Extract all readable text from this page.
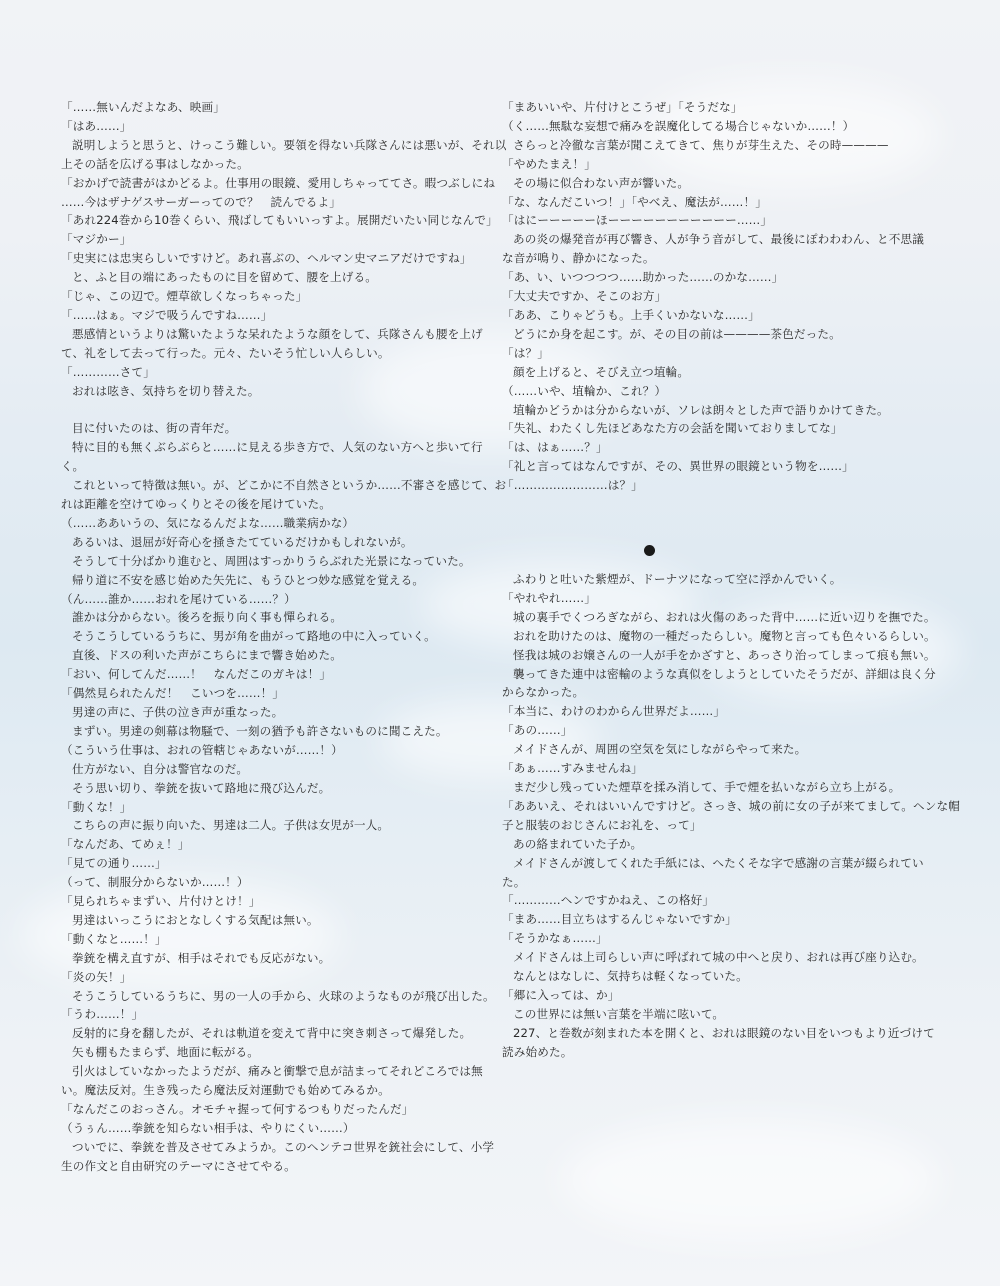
「……無いんだよなあ、映画」
「はあ……」
説明しようと思うと、けっこう難しい。要領を得ない兵隊さんには悪いが、それ以
上その話を広げる事はしなかった。
「おかげで読書がはかどるよ。仕事用の眼鏡、愛用しちゃっててさ。暇つぶしにね
……今はザナゲスサーガーってので？　読んでるよ」
「あれ224巻から10巻くらい、飛ばしてもいいっすよ。展開だいたい同じなんで」
「マジかー」
「史実には忠実らしいですけど。あれ喜ぶの、ヘルマン史マニアだけですね」
と、ふと目の端にあったものに目を留めて、腰を上げる。
「じゃ、この辺で。煙草欲しくなっちゃった」
「……はぁ。マジで吸うんですね……」
悪感情というよりは驚いたような呆れたような顔をして、兵隊さんも腰を上げ
て、礼をして去って行った。元々、たいそう忙しい人らしい。
「…………さて」
おれは呟き、気持ちを切り替えた。
目に付いたのは、街の青年だ。
特に目的も無くぶらぶらと……に見える歩き方で、人気のない方へと歩いて行
く。
これといって特徴は無い。が、どこかに不自然さというか……不審さを感じて、お
れは距離を空けてゆっくりとその後を尾けていた。
（……ああいうの、気になるんだよな……職業病かな）
あるいは、退屈が好奇心を掻きたてているだけかもしれないが。
そうして十分ばかり進むと、周囲はすっかりうらぶれた光景になっていた。
帰り道に不安を感じ始めた矢先に、もうひとつ妙な感覚を覚える。
（ん……誰か……おれを尾けている……？）
誰かは分からない。後ろを振り向く事も憚られる。
そうこうしているうちに、男が角を曲がって路地の中に入っていく。
直後、ドスの利いた声がこちらにまで響き始めた。
「おい、何してんだ……！　なんだこのガキは！」
「偶然見られたんだ！　こいつを……！」
男達の声に、子供の泣き声が重なった。
まずい。男達の剣幕は物騒で、一刻の猶予も許さないものに聞こえた。
（こういう仕事は、おれの管轄じゃあないが……！）
仕方がない、自分は警官なのだ。
そう思い切り、拳銃を抜いて路地に飛び込んだ。
「動くな！」
こちらの声に振り向いた、男達は二人。子供は女児が一人。
「なんだあ、てめぇ！」
「見ての通り……」
（って、制服分からないか……！）
「見られちゃまずい、片付けとけ！」
男達はいっこうにおとなしくする気配は無い。
「動くなと……！」
拳銃を構え直すが、相手はそれでも反応がない。
「炎の矢！」
そうこうしているうちに、男の一人の手から、火球のようなものが飛び出した。
「うわ……！」
反射的に身を翻したが、それは軌道を変えて背中に突き刺さって爆発した。
矢も棚もたまらず、地面に転がる。
引火はしていなかったようだが、痛みと衝撃で息が詰まってそれどころでは無
い。魔法反対。生き残ったら魔法反対運動でも始めてみるか。
「なんだこのおっさん。オモチャ握って何するつもりだったんだ」
（うぅん……拳銃を知らない相手は、やりにくい……）
ついでに、拳銃を普及させてみようか。このヘンテコ世界を銃社会にして、小学
生の作文と自由研究のテーマにさせてやる。
「まあいいや、片付けとこうぜ」「そうだな」
（く……無駄な妄想で痛みを誤魔化してる場合じゃないか……！）
さらっと冷徹な言葉が聞こえてきて、焦りが芽生えた、その時————
「やめたまえ！」
その場に似合わない声が響いた。
「な、なんだこいつ！」「やべえ、魔法が……！」
「はにーーーーーほーーーーーーーーーーー……」
あの炎の爆発音が再び響き、人が争う音がして、最後にぽわわわん、と不思議
な音が鳴り、静かになった。
「あ、い、いつつつつ……助かった……のかな……」
「大丈夫ですか、そこのお方」
「ああ、こりゃどうも。上手くいかないな……」
どうにか身を起こす。が、その目の前は————茶色だった。
「は？」
顔を上げると、そびえ立つ埴輪。
（……いや、埴輪か、これ？）
埴輪かどうかは分からないが、ソレは朗々とした声で語りかけてきた。
「失礼、わたくし先ほどあなた方の会話を聞いておりましてな」
「は、はぁ……？」
「礼と言ってはなんですが、その、異世界の眼鏡という物を……」
「……………………は？」
ふわりと吐いた紫煙が、ドーナツになって空に浮かんでいく。
「やれやれ……」
城の裏手でくつろぎながら、おれは火傷のあった背中……に近い辺りを撫でた。
おれを助けたのは、魔物の一種だったらしい。魔物と言っても色々いるらしい。
怪我は城のお嬢さんの一人が手をかざすと、あっさり治ってしまって痕も無い。
襲ってきた連中は密輸のような真似をしようとしていたそうだが、詳細は良く分
からなかった。
「本当に、わけのわからん世界だよ……」
「あの……」
メイドさんが、周囲の空気を気にしながらやって来た。
「あぁ……すみませんね」
まだ少し残っていた煙草を揉み消して、手で煙を払いながら立ち上がる。
「ああいえ、それはいいんですけど。さっき、城の前に女の子が来てまして。ヘンな帽
子と服装のおじさんにお礼を、って」
あの絡まれていた子か。
メイドさんが渡してくれた手紙には、へたくそな字で感謝の言葉が綴られてい
た。
「…………ヘンですかねえ、この格好」
「まあ……目立ちはするんじゃないですか」
「そうかなぁ……」
メイドさんは上司らしい声に呼ばれて城の中へと戻り、おれは再び座り込む。
なんとはなしに、気持ちは軽くなっていた。
「郷に入っては、か」
この世界には無い言葉を半端に呟いて。
227、と巻数が刻まれた本を開くと、おれは眼鏡のない目をいつもより近づけて
読み始めた。
